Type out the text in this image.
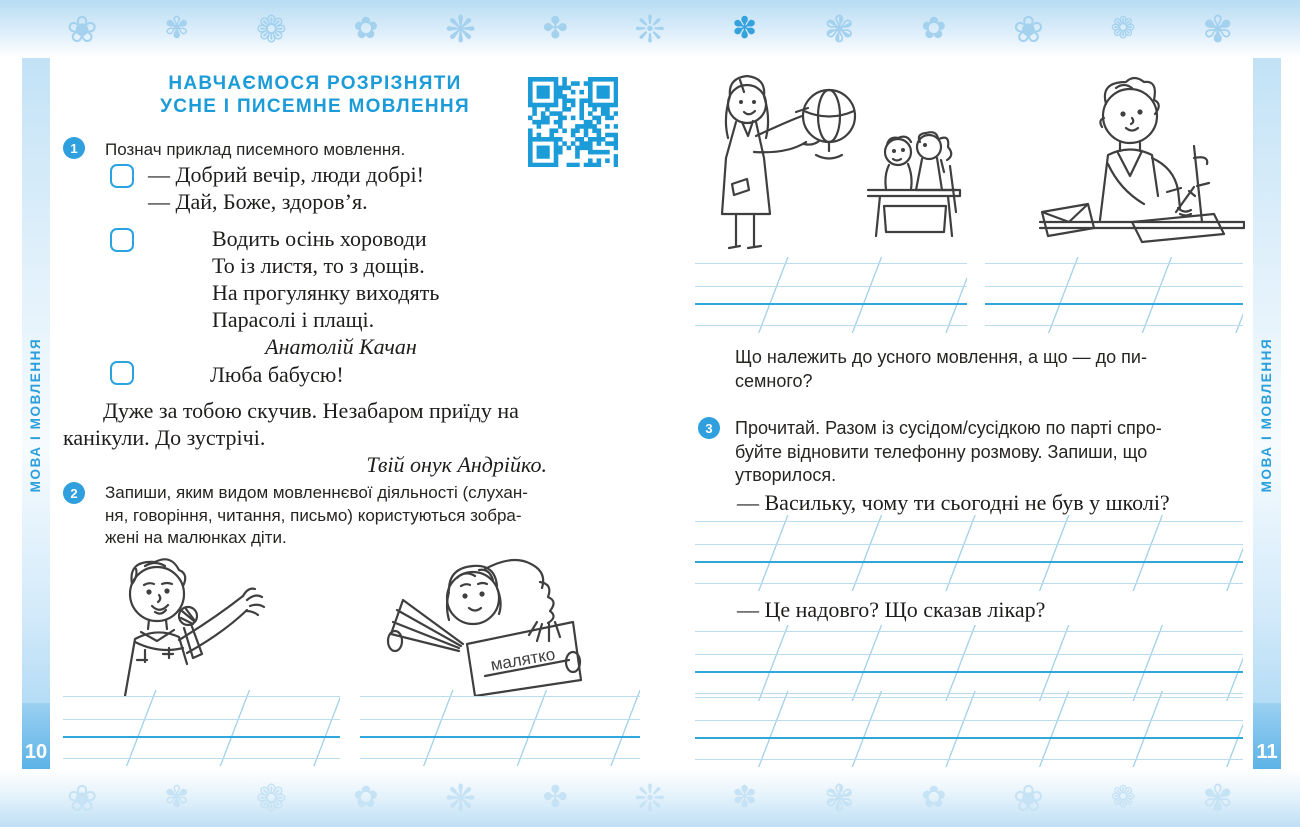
❀ ✾ ❁ ✿ ❋ ✤ ❊ ✽ ❃ ✿ ❀ ❁ ✾
❀ ✾ ❁ ✿ ❋ ✤ ❊ ✽ ❃ ✿ ❀ ❁ ✾
МОВА І МОВЛЕННЯ	МОВА І МОВЛЕННЯ
10	11
НАВЧАЄМОСЯ РОЗРІЗНЯТИ
УСНЕ І ПИСЕМНЕ МОВЛЕННЯ
1	Познач приклад писемного мовлення.
— Добрий вечір, люди добрі!
— Дай, Боже, здоров’я.
Водить осінь хороводи
То із листя, то з дощів.
На прогулянку виходять
Парасолі і плащі.
Анатолій Качан
Люба бабусю!
Дуже за тобою скучив. Незабаром приїду на
канікули. До зустрічі.
Твій онук Андрійко.
2	Запиши, яким видом мовленнєвої діяльності (слухан-
ня, говоріння, читання, письмо) користуються зобра-
жені на малюнках діти.
малятко
Що належить до усного мовлення, а що — до пи-
семного?
3	Прочитай. Разом із сусідом/сусідкою по парті спро-
буйте відновити телефонну розмову. Запиши, що
утворилося.
— Васильку, чому ти сьогодні не був у школі?
— Це надовго? Що сказав лікар?
